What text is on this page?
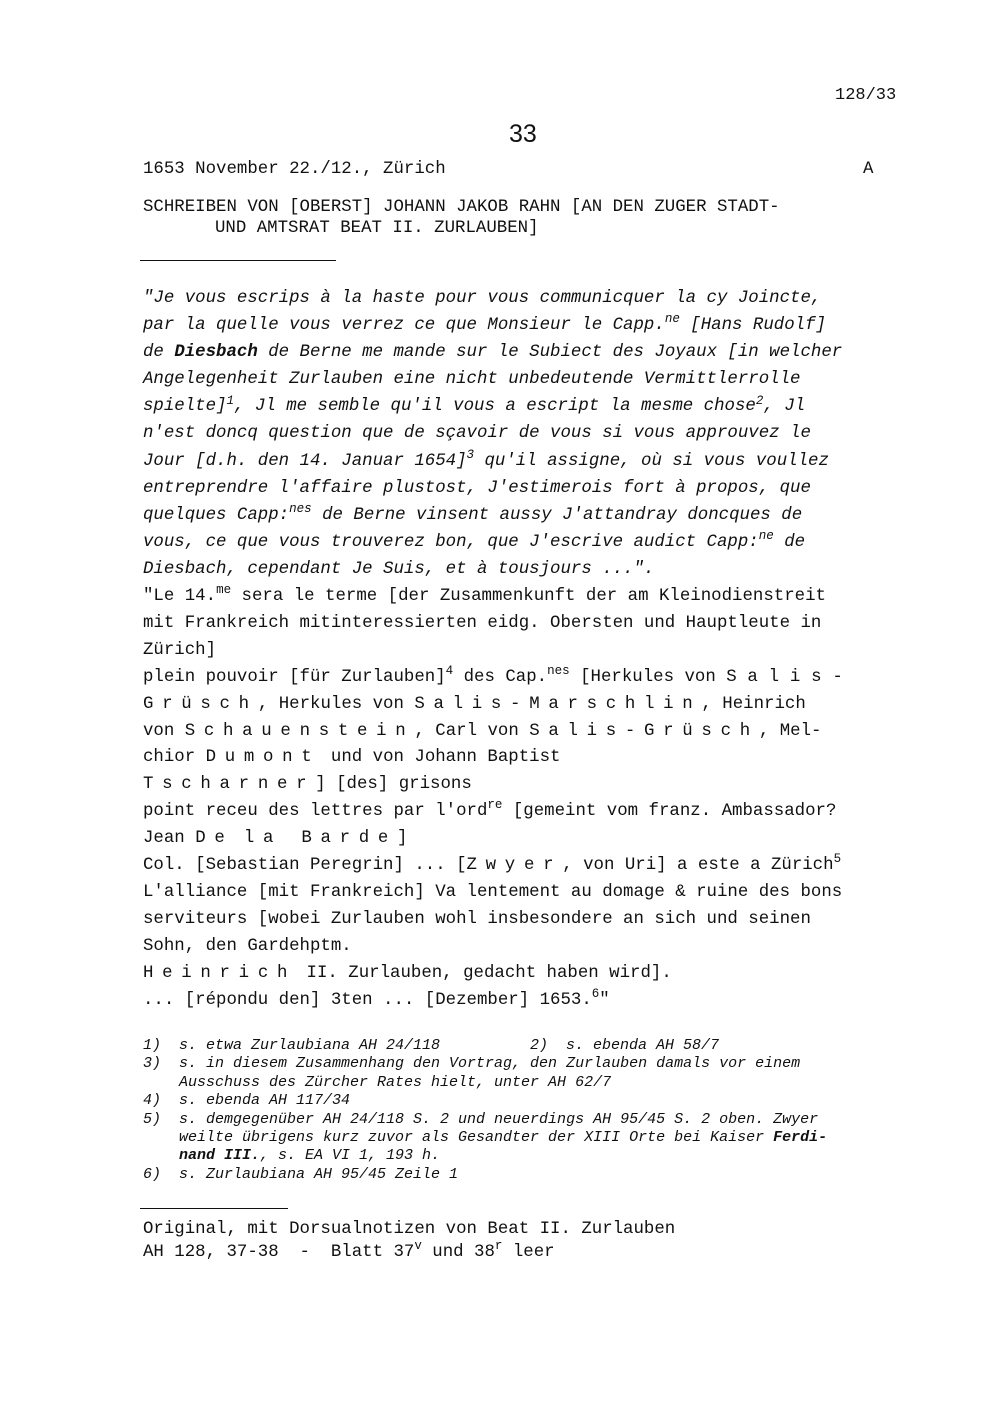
128/33
33
1653 November 22./12., Zürich	A
SCHREIBEN VON [OBERST] JOHANN JAKOB RAHN [AN DEN ZUGER STADT-
UND AMTSRAT BEAT II. ZURLAUBEN]
"Je vous escrips à la haste pour vous communicquer la cy Joincte,
par la quelle vous verrez ce que Monsieur le Capp.$^{ne}$ [Hans Rudolf]
de Diesbach de Berne me mande sur le Subiect des Joyaux [in welcher
Angelegenheit Zurlauben eine nicht unbedeutende Vermittlerrolle
spielte]$^1$, Jl me semble qu'il vous a escript la mesme chose$^2$, Jl
n'est doncq question que de sçavoir de vous si vous approuvez le
Jour [d.h. den 14. Januar 1654]$^3$ qu'il assigne, où si vous voullez
entreprendre l'affaire plustost, J'estimerois fort à propos, que
quelques Capp:$^{nes}$ de Berne vinsent aussy J'attandray doncques de
vous, ce que vous trouverez bon, que J'escrive audict Capp:$^{ne}$ de
Diesbach, cependant Je Suis, et à tousjours ...".
"Le 14.$^{me}$ sera le terme [der Zusammenkunft der am Kleinodienstreit
mit Frankreich mitinteressierten eidg. Obersten und Hauptleute in
Zürich]
plein pouvoir [für Zurlauben]$^4$ des Cap.$^{nes}$ [Herkules von Salis-
Grüsch, Herkules von Salis-Marschlin, Heinrich
von Schauenstein, Carl von Salis-Grüsch, Mel-
chior Dumont und von Johann Baptist
Tscharner] [des] grisons
point receu des lettres par l'ord$^{re}$ [gemeint vom franz. Ambassador?
Jean De la Barde]
Col. [Sebastian Peregrin] ... [Zwyer, von Uri] a este a Zürich$^5$
L'alliance [mit Frankreich] Va lentement au domage & ruine des bons
serviteurs [wobei Zurlauben wohl insbesondere an sich und seinen
Sohn, den Gardehptm.
Heinrich II. Zurlauben, gedacht haben wird].
... [répondu den] 3ten ... [Dezember] 1653.$^6$"
1) s. etwa Zurlaubiana AH 24/118	2) s. ebenda AH 58/7
3) s. in diesem Zusammenhang den Vortrag, den Zurlauben damals vor einem
Ausschuss des Zürcher Rates hielt, unter AH 62/7
4) s. ebenda AH 117/34
5) s. demgegenüber AH 24/118 S. 2 und neuerdings AH 95/45 S. 2 oben. Zwyer
weilte übrigens kurz zuvor als Gesandter der XIII Orte bei Kaiser Ferdi-
nand III., s. EA VI 1, 193 h.
6) s. Zurlaubiana AH 95/45 Zeile 1
Original, mit Dorsualnotizen von Beat II. Zurlauben
AH 128, 37-38  -  Blatt 37$^v$ und 38$^r$ leer
